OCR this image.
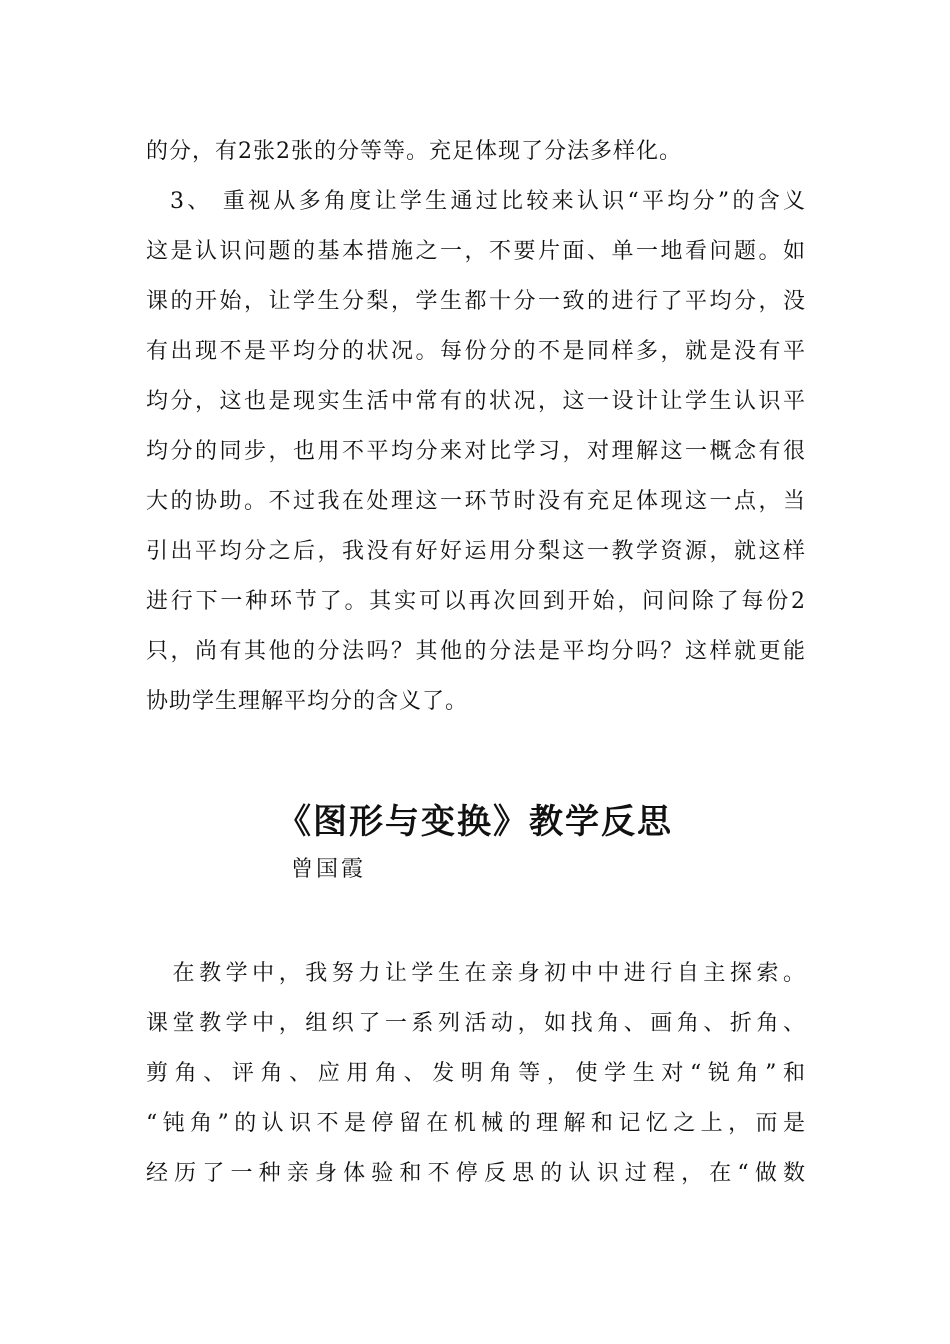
的分，有2张2张的分等等。充足体现了分法多样化。
3、 重视从多角度让学生通过比较来认识“平均分”的含义
这是认识问题的基本措施之一，不要片面、单一地看问题。如
课的开始，让学生分梨，学生都十分一致的进行了平均分，没
有出现不是平均分的状况。每份分的不是同样多，就是没有平
均分，这也是现实生活中常有的状况，这一设计让学生认识平
均分的同步，也用不平均分来对比学习，对理解这一概念有很
大的协助。不过我在处理这一环节时没有充足体现这一点，当
引出平均分之后，我没有好好运用分梨这一教学资源，就这样
进行下一种环节了。其实可以再次回到开始，问问除了每份2
只，尚有其他的分法吗？其他的分法是平均分吗？这样就更能
协助学生理解平均分的含义了。
《图形与变换》教学反思
曾国霞
　在教学中，我努力让学生在亲身初中中进行自主探索。
课堂教学中，组织了一系列活动，如找角、画角、折角、
剪角、评角、应用角、发明角等，使学生对“锐角”和
“钝角”的认识不是停留在机械的理解和记忆之上，而是
经历了一种亲身体验和不停反思的认识过程，在“做数
